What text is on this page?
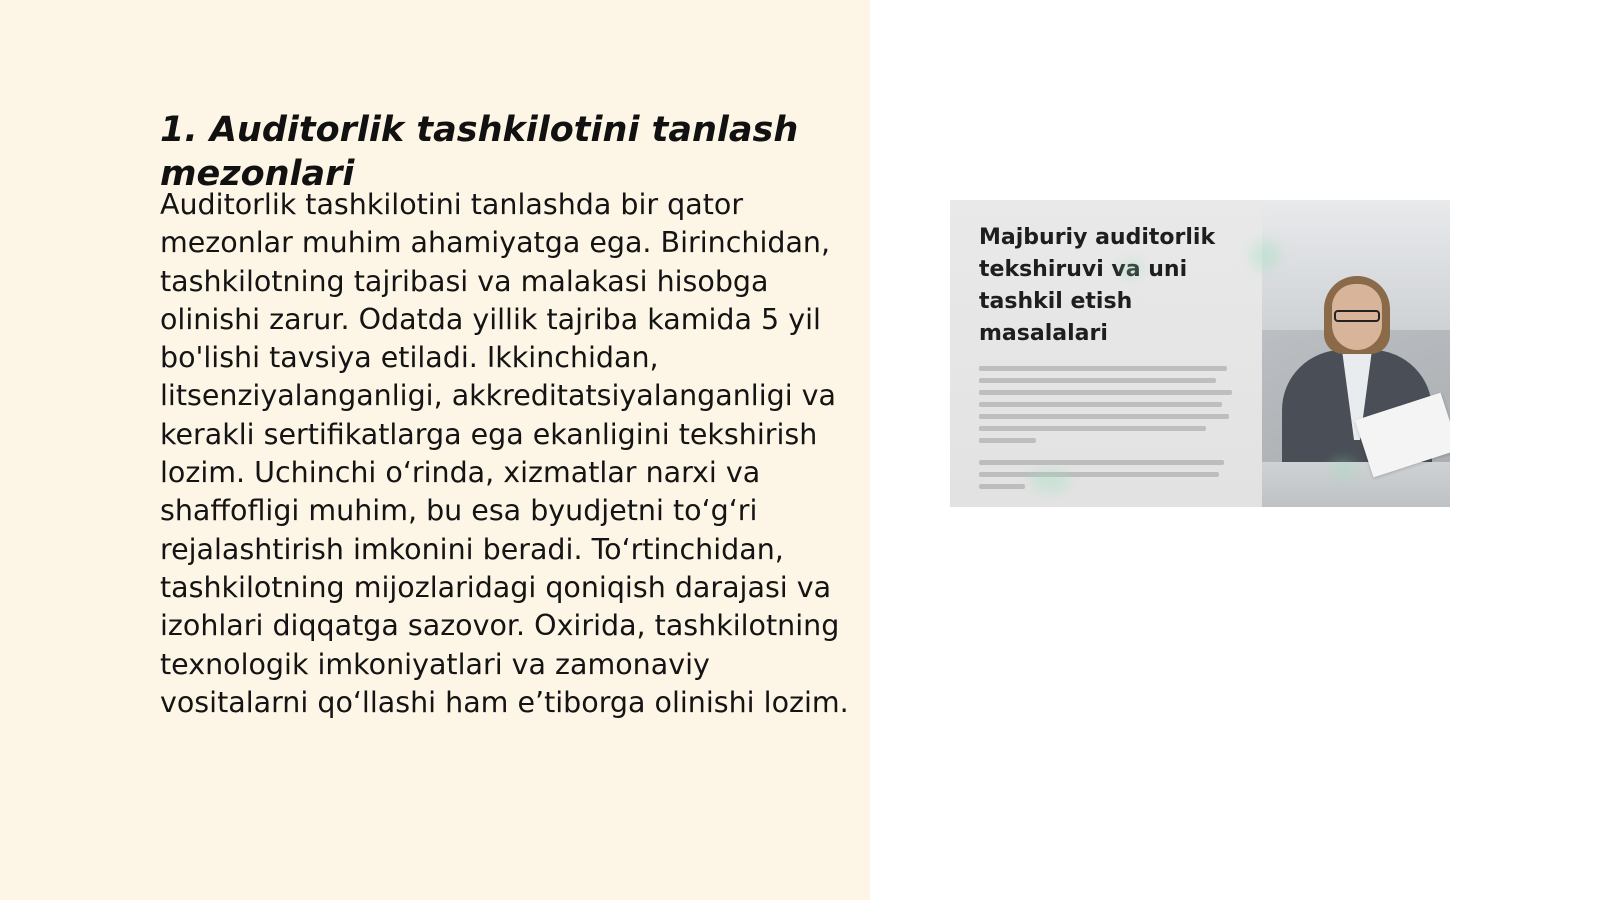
1. Auditorlik tashkilotini tanlash mezonlari

Auditorlik tashkilotini tanlashda bir qator mezonlar muhim ahamiyatga ega. Birinchidan, tashkilotning tajribasi va malakasi hisobga olinishi zarur. Odatda yillik tajriba kamida 5 yil bo'lishi tavsiya etiladi. Ikkinchidan, litsenziyalanganligi, akkreditatsiyalanganligi va kerakli sertifikatlarga ega ekanligini tekshirish lozim. Uchinchi o‘rinda, xizmatlar narxi va shaffofligi muhim, bu esa byudjetni to‘g‘ri rejalashtirish imkonini beradi. To‘rtinchidan, tashkilotning mijozlaridagi qoniqish darajasi va izohlari diqqatga sazovor. Oxirida, tashkilotning texnologik imkoniyatlari va zamonaviy vositalarni qo‘llashi ham e’tiborga olinishi lozim.

Majburiy auditorlik tekshiruvi va uni tashkil etish masalalari
